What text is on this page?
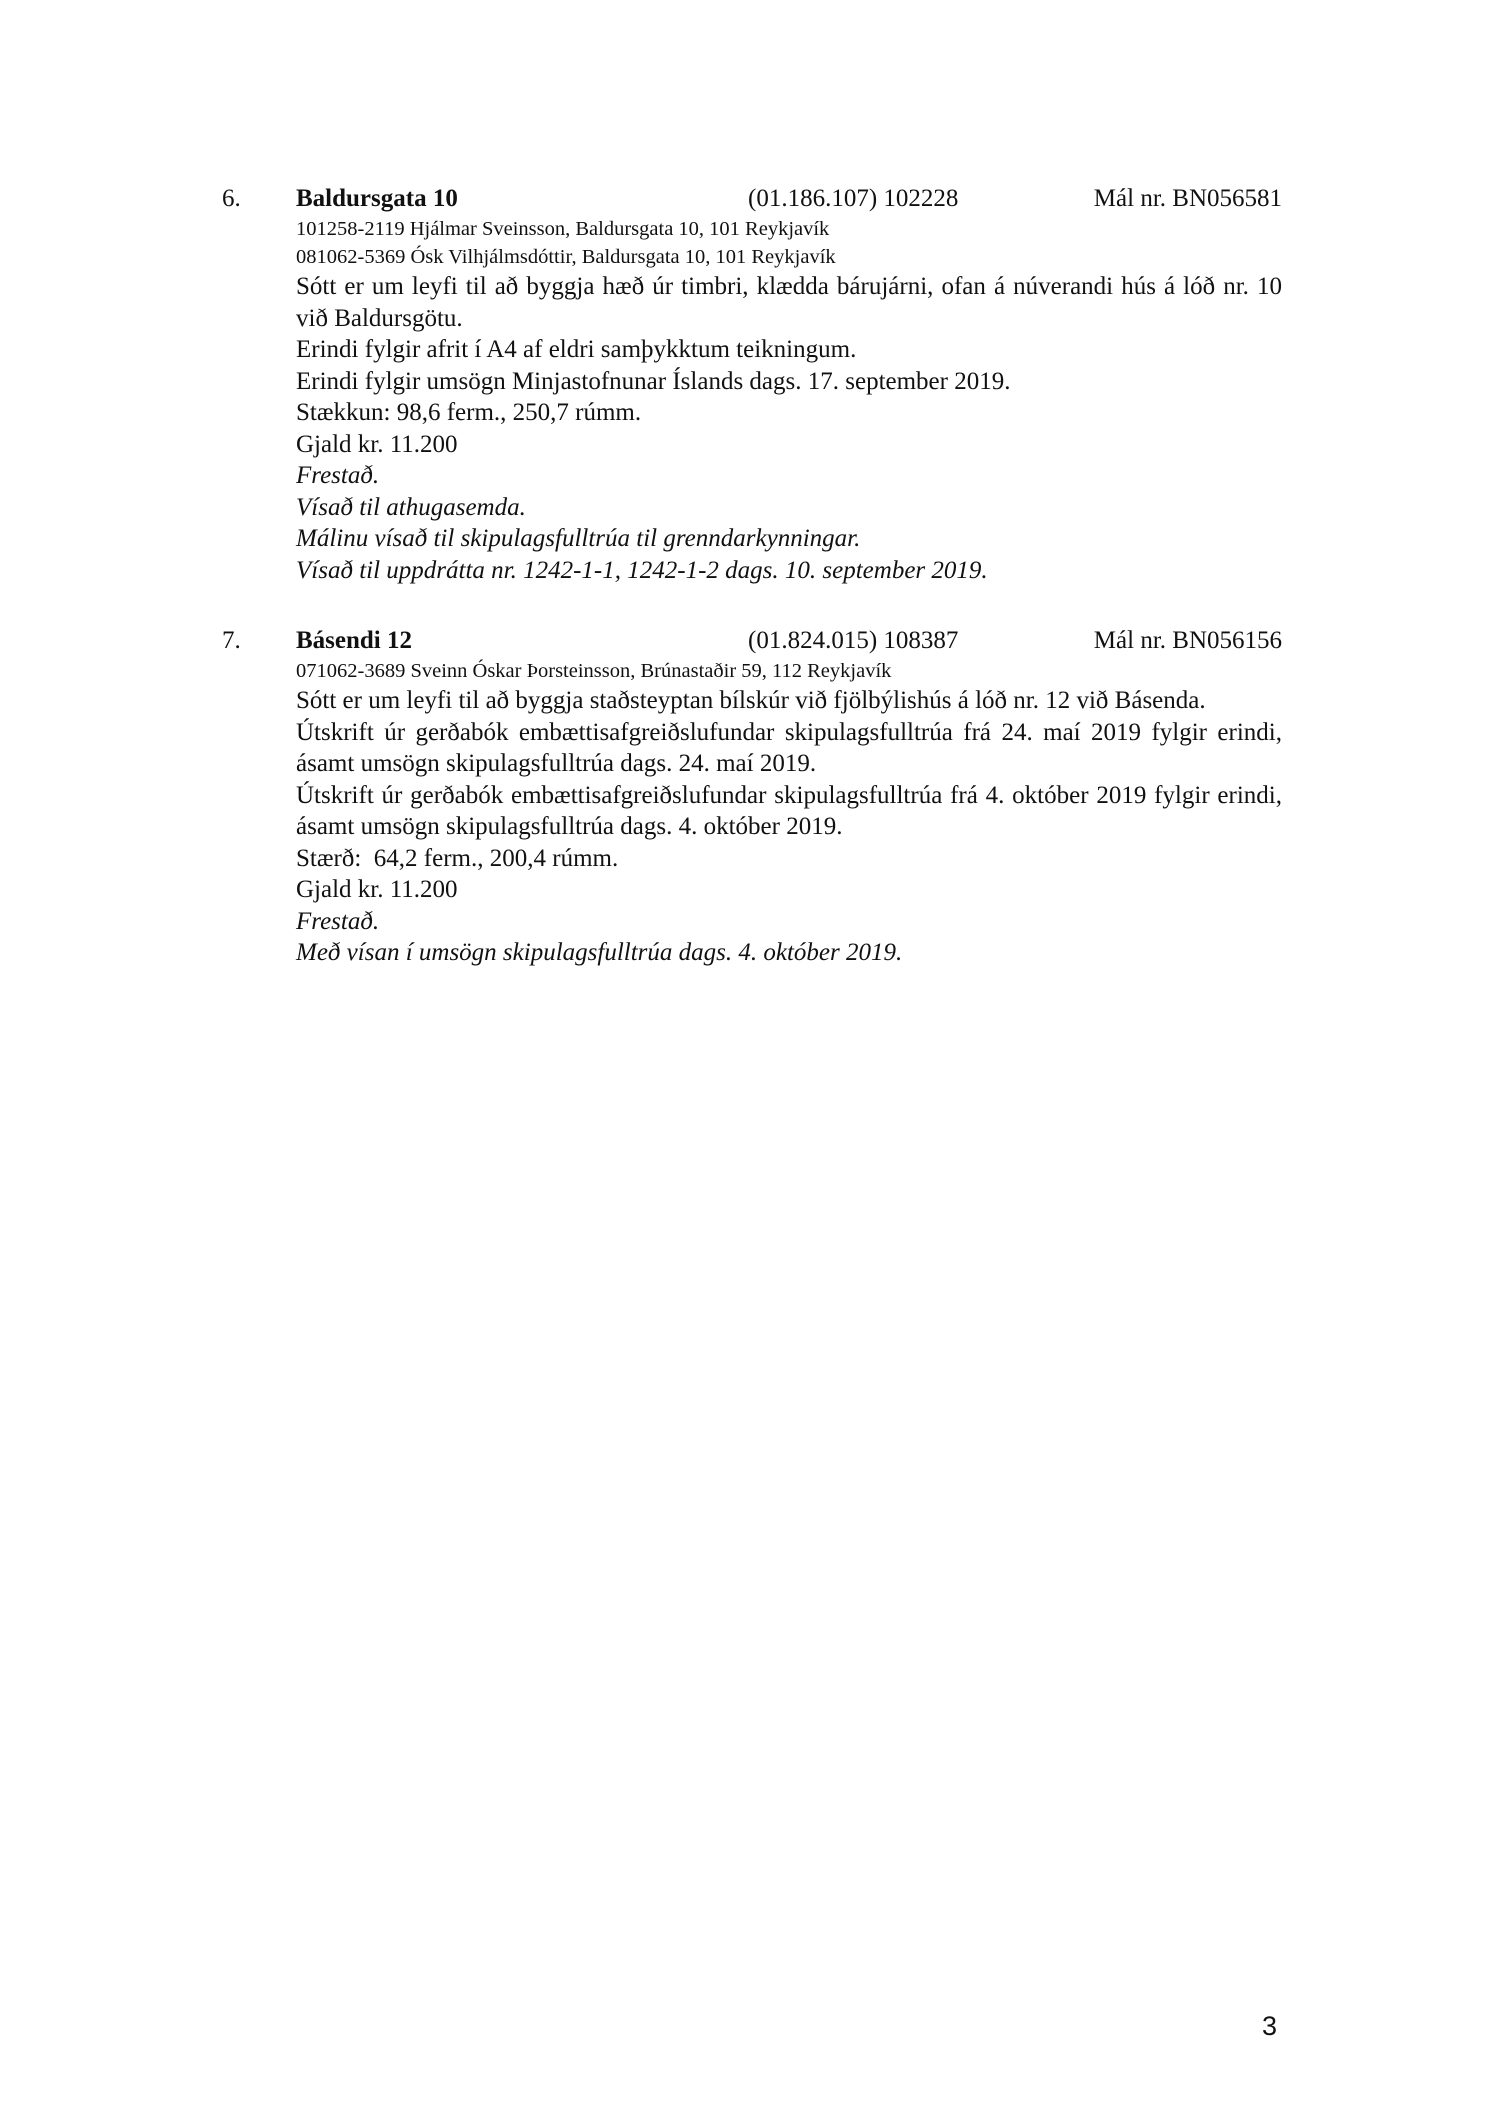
6. Baldursgata 10	(01.186.107) 102228	Mál nr. BN056581
101258-2119 Hjálmar Sveinsson, Baldursgata 10, 101 Reykjavík
081062-5369 Ósk Vilhjálmsdóttir, Baldursgata 10, 101 Reykjavík
Sótt er um leyfi til að byggja hæð úr timbri, klædda bárujárni, ofan á núverandi hús á lóð nr. 10 við Baldursgötu.
Erindi fylgir afrit í A4 af eldri samþykktum teikningum.
Erindi fylgir umsögn Minjastofnunar Íslands dags. 17. september 2019.
Stækkun: 98,6 ferm., 250,7 rúmm.
Gjald kr. 11.200
Frestað.
Vísað til athugasemda.
Málinu vísað til skipulagsfulltrúa til grenndarkynningar.
Vísað til uppdrátta nr. 1242-1-1, 1242-1-2 dags. 10. september 2019.
7. Básendi 12	(01.824.015) 108387	Mál nr. BN056156
071062-3689 Sveinn Óskar Þorsteinsson, Brúnastaðir 59, 112 Reykjavík
Sótt er um leyfi til að byggja staðsteyptan bílskúr við fjölbýlishús á lóð nr. 12 við Básenda.
Útskrift úr gerðabók embættisafgreiðslufundar skipulagsfulltrúa frá 24. maí 2019 fylgir erindi, ásamt umsögn skipulagsfulltrúa dags. 24. maí 2019.
Útskrift úr gerðabók embættisafgreiðslufundar skipulagsfulltrúa frá 4. október 2019 fylgir erindi, ásamt umsögn skipulagsfulltrúa dags. 4. október 2019.
Stærð:  64,2 ferm., 200,4 rúmm.
Gjald kr. 11.200
Frestað.
Með vísan í umsögn skipulagsfulltrúa dags. 4. október 2019.
3
